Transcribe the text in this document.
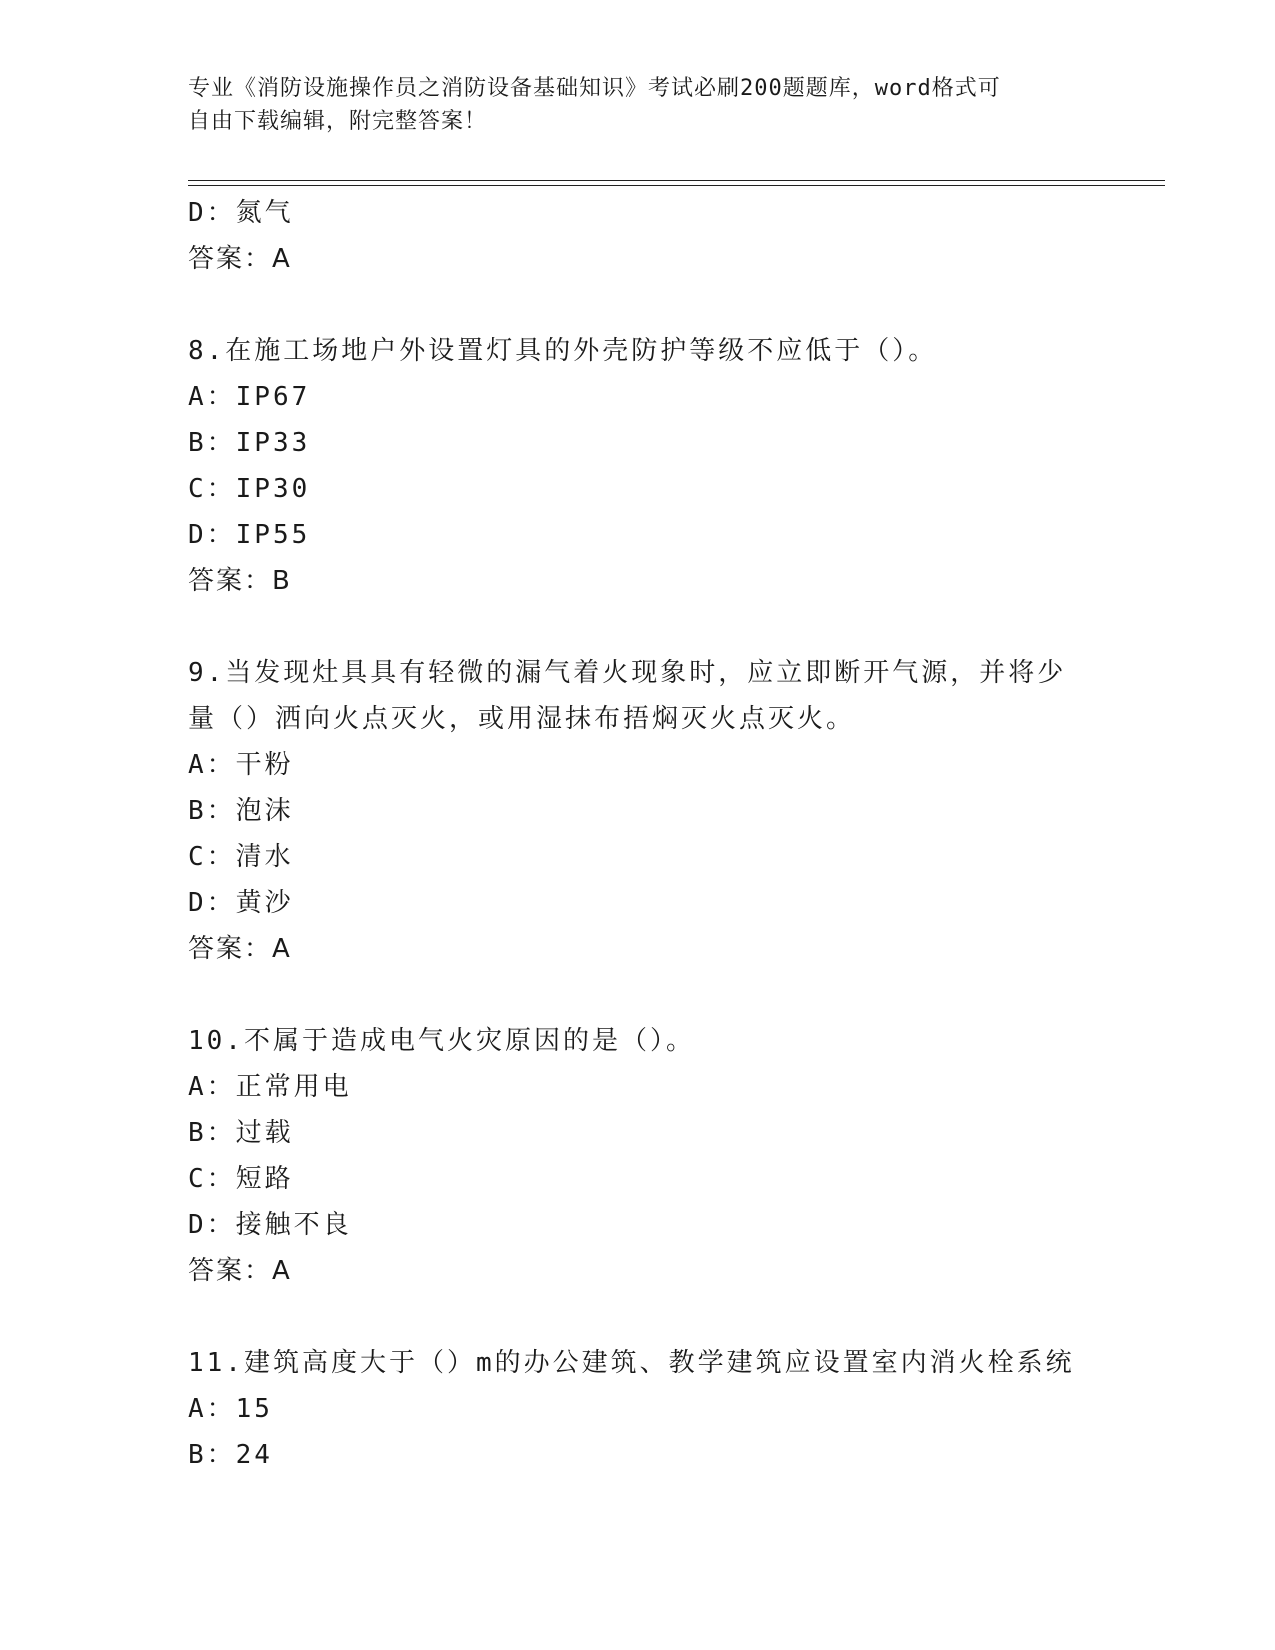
专业《消防设施操作员之消防设备基础知识》考试必刷200题题库，word格式可
自由下载编辑，附完整答案！
D：氮气
答案：A
8.在施工场地户外设置灯具的外壳防护等级不应低于（）。
A：IP67
B：IP33
C：IP30
D：IP55
答案：B
9.当发现灶具具有轻微的漏气着火现象时，应立即断开气源，并将少
量（）洒向火点灭火，或用湿抹布捂焖灭火点灭火。
A：干粉
B：泡沫
C：清水
D：黄沙
答案：A
10.不属于造成电气火灾原因的是（）。
A：正常用电
B：过载
C：短路
D：接触不良
答案：A
11.建筑高度大于（）m的办公建筑、教学建筑应设置室内消火栓系统
A：15
B：24
